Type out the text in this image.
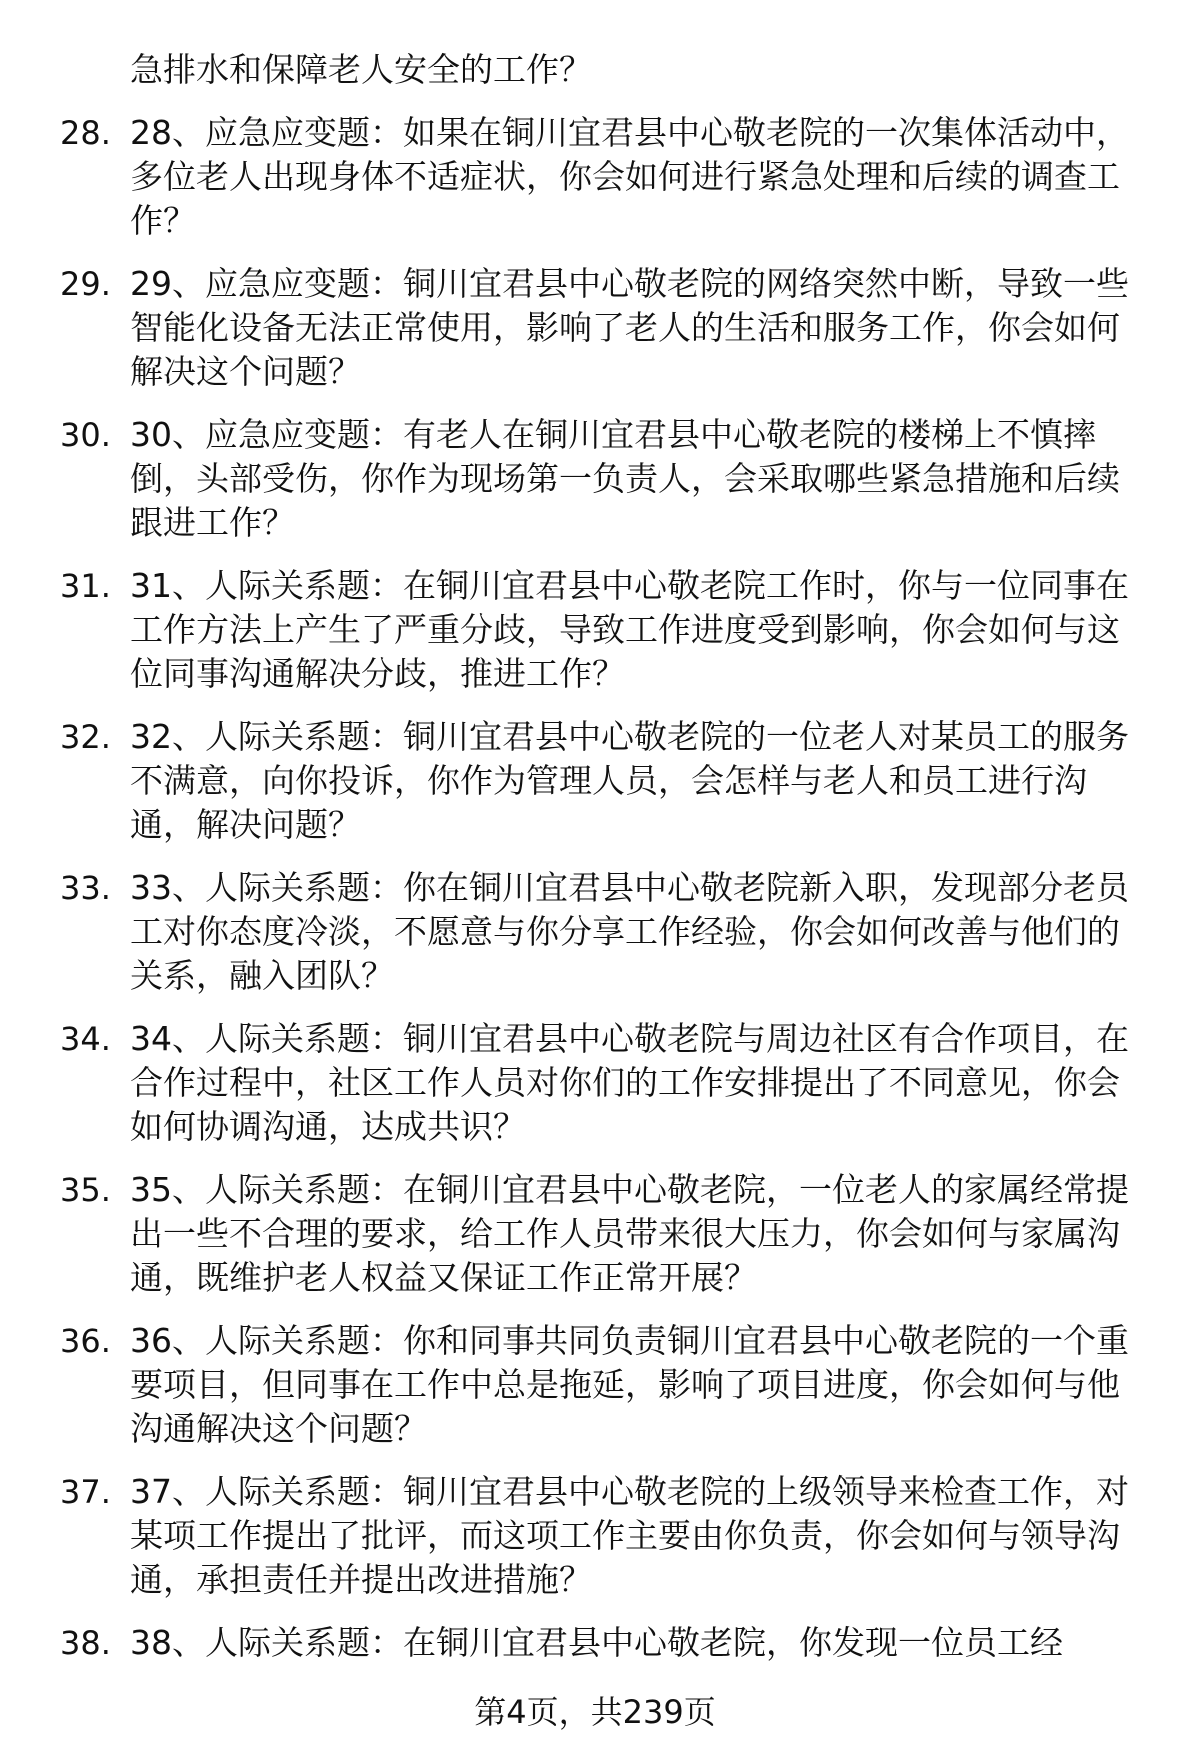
急排水和保障老人安全的工作？
28. 28、应急应变题：如果在铜川宜君县中心敬老院的一次集体活动中，多位老人出现身体不适症状，你会如何进行紧急处理和后续的调查工作？
29. 29、应急应变题：铜川宜君县中心敬老院的网络突然中断，导致一些智能化设备无法正常使用，影响了老人的生活和服务工作，你会如何解决这个问题？
30. 30、应急应变题：有老人在铜川宜君县中心敬老院的楼梯上不慎摔倒，头部受伤，你作为现场第一负责人，会采取哪些紧急措施和后续跟进工作？
31. 31、人际关系题：在铜川宜君县中心敬老院工作时，你与一位同事在工作方法上产生了严重分歧，导致工作进度受到影响，你会如何与这位同事沟通解决分歧，推进工作？
32. 32、人际关系题：铜川宜君县中心敬老院的一位老人对某员工的服务不满意，向你投诉，你作为管理人员，会怎样与老人和员工进行沟通，解决问题？
33. 33、人际关系题：你在铜川宜君县中心敬老院新入职，发现部分老员工对你态度冷淡，不愿意与你分享工作经验，你会如何改善与他们的关系，融入团队？
34. 34、人际关系题：铜川宜君县中心敬老院与周边社区有合作项目，在合作过程中，社区工作人员对你们的工作安排提出了不同意见，你会如何协调沟通，达成共识？
35. 35、人际关系题：在铜川宜君县中心敬老院，一位老人的家属经常提出一些不合理的要求，给工作人员带来很大压力，你会如何与家属沟通，既维护老人权益又保证工作正常开展？
36. 36、人际关系题：你和同事共同负责铜川宜君县中心敬老院的一个重要项目，但同事在工作中总是拖延，影响了项目进度，你会如何与他沟通解决这个问题？
37. 37、人际关系题：铜川宜君县中心敬老院的上级领导来检查工作，对某项工作提出了批评，而这项工作主要由你负责，你会如何与领导沟通，承担责任并提出改进措施？
38. 38、人际关系题：在铜川宜君县中心敬老院，你发现一位员工经
第4页，共239页
